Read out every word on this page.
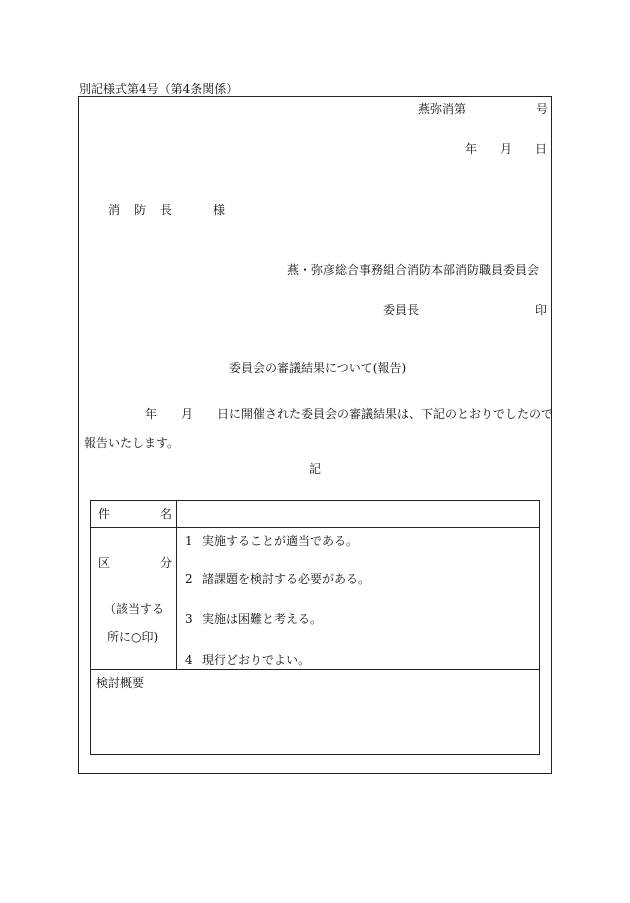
別記様式第4号（第4条関係）
燕弥消第	号
年 月 日
消　防　長	様
燕・弥彦総合事務組合消防本部消防職員委員会
委員長	印
委員会の審議結果について(報告)
年 月 日に開催された委員会の審議結果は、下記のとおりでしたので
報告いたします。
記
件	名
区	分
（該当する
所に○印)
1 実施することが適当である。
2 諸課題を検討する必要がある。
3 実施は困難と考える。
4 現行どおりでよい。
検討概要
